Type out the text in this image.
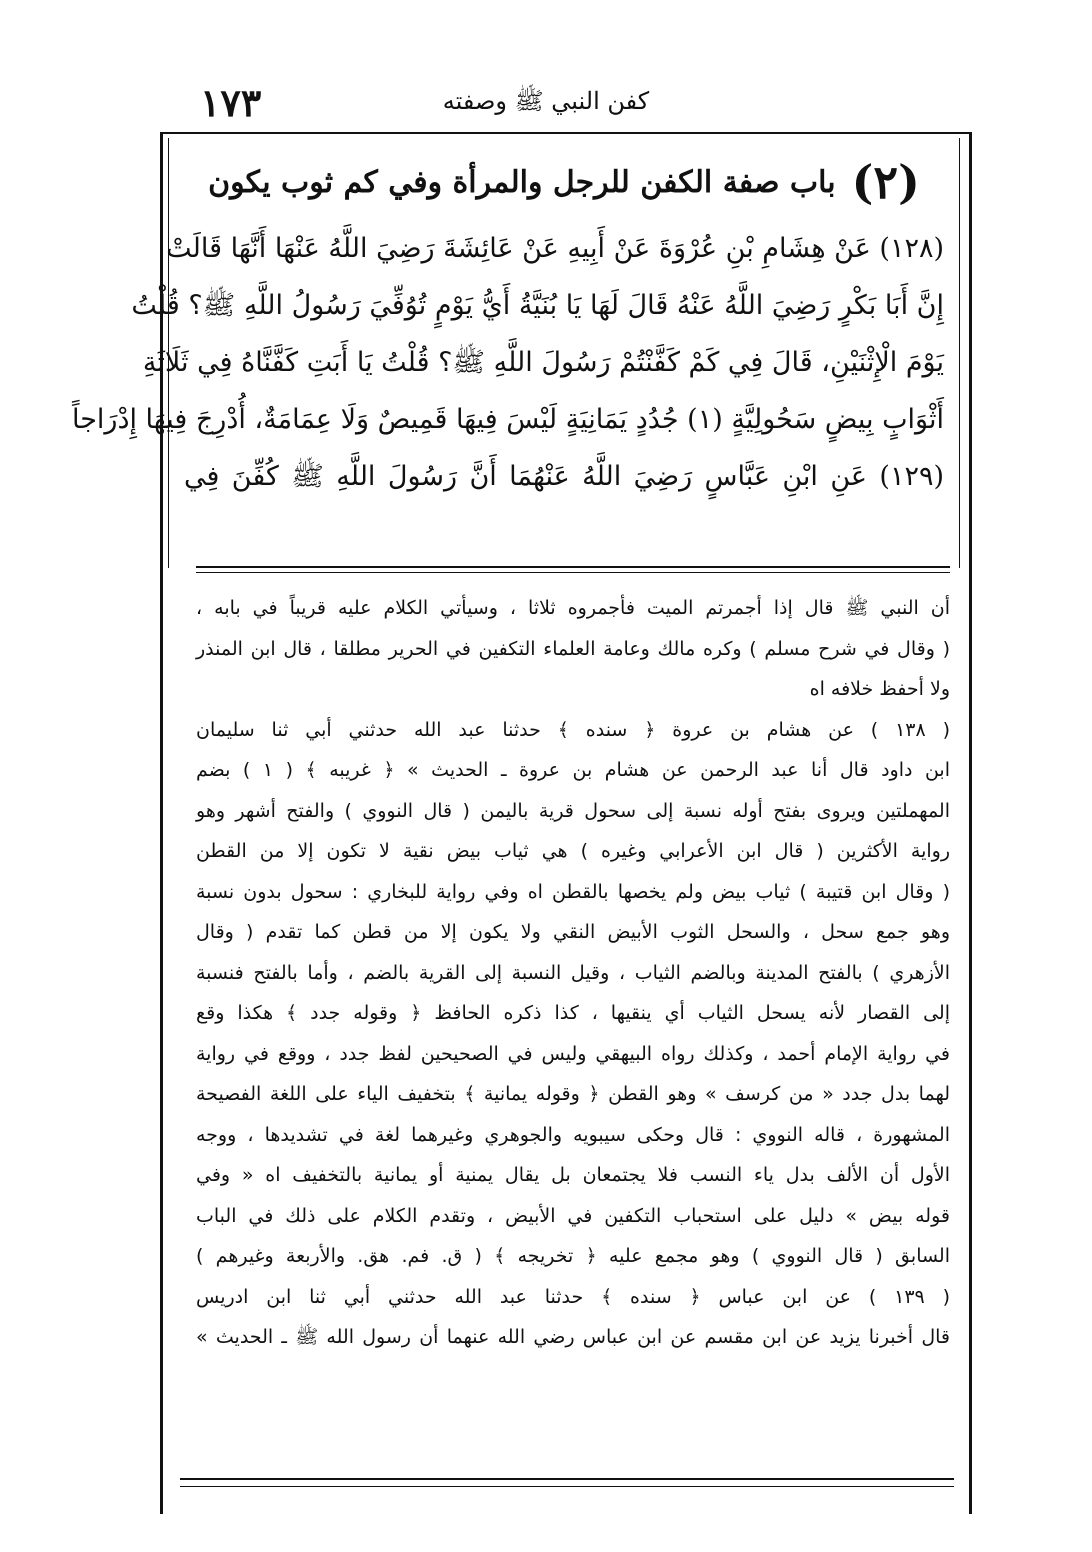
١٧٣	كفن النبي ﷺ وصفته
(٢)
باب صفة الكفن للرجل والمرأة وفي كم ثوب يكون
(١٢٨) عَنْ هِشَامِ بْنِ عُرْوَةَ عَنْ أَبِيهِ عَنْ عَائِشَةَ رَضِيَ اللَّهُ عَنْهَا أَنَّهَا قَالَتْ
إِنَّ أَبَا بَكْرٍ رَضِيَ اللَّهُ عَنْهُ قَالَ لَهَا يَا بُنَيَّةُ أَيُّ يَوْمٍ تُوُفِّيَ رَسُولُ اللَّهِ ﷺ؟ قُلْتُ
يَوْمَ الْإِثْنَيْنِ، قَالَ فِي كَمْ كَفَّنْتُمْ رَسُولَ اللَّهِ ﷺ؟ قُلْتُ يَا أَبَتِ كَفَّنَّاهُ فِي ثَلَاثَةِ
أَثْوَابٍ بِيضٍ سَحُولِيَّةٍ (١) جُدُدٍ يَمَانِيَةٍ لَيْسَ فِيهَا قَمِيصٌ وَلَا عِمَامَةٌ، أُدْرِجَ فِيهَا إِدْرَاجاً
(١٢٩) عَنِ ابْنِ عَبَّاسٍ رَضِيَ اللَّهُ عَنْهُمَا أَنَّ رَسُولَ اللَّهِ ﷺ كُفِّنَ فِي
أن النبي ﷺ قال إذا أجمرتم الميت فأجمروه ثلاثا ، وسيأتي الكلام عليه قريباً في بابه ،
( وقال في شرح مسلم ) وكره مالك وعامة العلماء التكفين في الحرير مطلقا ، قال ابن المنذر
ولا أحفظ خلافه اه
( ١٣٨ ) عن هشام بن عروة ﴿ سنده ﴾ حدثنا عبد الله حدثني أبي ثنا سليمان
ابن داود قال أنا عبد الرحمن عن هشام بن عروة ـ الحديث » ﴿ غريبه ﴾ ( ١ ) بضم
المهملتين ويروى بفتح أوله نسبة إلى سحول قرية باليمن ( قال النووي ) والفتح أشهر وهو
رواية الأكثرين ( قال ابن الأعرابي وغيره ) هي ثياب بيض نقية لا تكون إلا من القطن
( وقال ابن قتيبة ) ثياب بيض ولم يخصها بالقطن اه وفي رواية للبخاري : سحول بدون نسبة
وهو جمع سحل ، والسحل الثوب الأبيض النقي ولا يكون إلا من قطن كما تقدم ( وقال
الأزهري ) بالفتح المدينة وبالضم الثياب ، وقيل النسبة إلى القرية بالضم ، وأما بالفتح فنسبة
إلى القصار لأنه يسحل الثياب أي ينقيها ، كذا ذكره الحافظ ﴿ وقوله جدد ﴾ هكذا وقع
في رواية الإمام أحمد ، وكذلك رواه البيهقي وليس في الصحيحين لفظ جدد ، ووقع في رواية
لهما بدل جدد « من كرسف » وهو القطن ﴿ وقوله يمانية ﴾ بتخفيف الياء على اللغة الفصيحة
المشهورة ، قاله النووي : قال وحكى سيبويه والجوهري وغيرهما لغة في تشديدها ، ووجه
الأول أن الألف بدل ياء النسب فلا يجتمعان بل يقال يمنية أو يمانية بالتخفيف اه « وفي
قوله بيض » دليل على استحباب التكفين في الأبيض ، وتقدم الكلام على ذلك في الباب
السابق ( قال النووي ) وهو مجمع عليه ﴿ تخريجه ﴾ ( ق. فم. هق. والأربعة وغيرهم )
( ١٣٩ ) عن ابن عباس ﴿ سنده ﴾ حدثنا عبد الله حدثني أبي ثنا ابن ادريس
قال أخبرنا يزيد عن ابن مقسم عن ابن عباس رضي الله عنهما أن رسول الله ﷺ ـ الحديث »
